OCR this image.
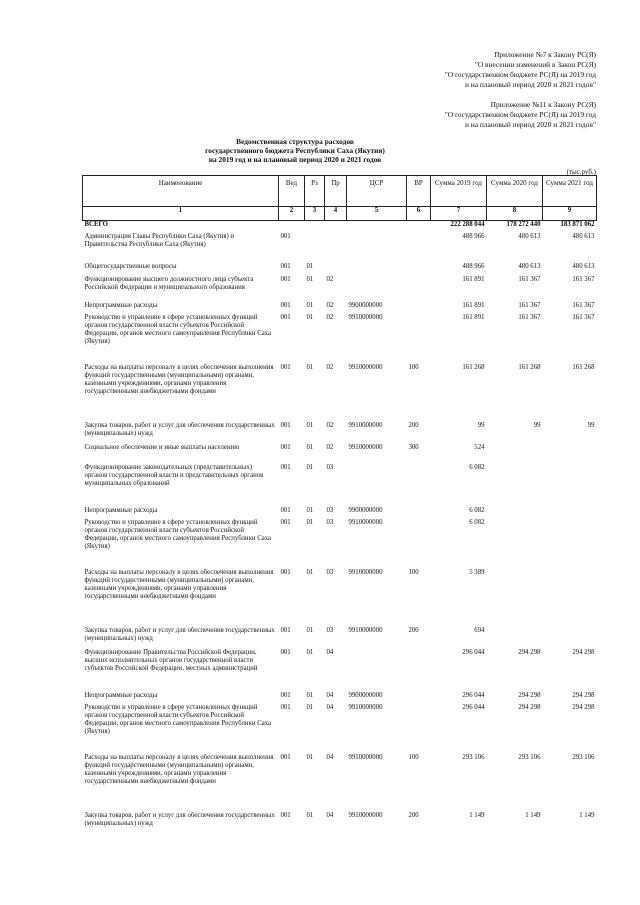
Приложение №7 к Закону РС(Я)
"О внесении изменений в Закон РС(Я)
"О государственном бюджете РС(Я) на 2019 год
и на плановый период 2020 и 2021 годов"
Приложение №11 к Закону РС(Я)
"О государственном бюджете РС(Я) на 2019 год
и на плановый период 2020 и 2021 годов"
Ведомственная структура расходов
государственного бюджета Республики Саха (Якутия)
на 2019 год и на плановый период 2020 и 2021 годов
(тыс.руб.)
Наименование	Вед	Рз	Пр	ЦСР	ВР	Сумма 2019 год	Сумма 2020 год	Сумма 2021 год
1	2	3	4	5	6	7	8	9
ВСЕГО						222 288 044	178 272 440	183 871 062
Администрация Главы Республики Саха (Якутия) и Правительства Республики Саха (Якутия)	001					488 966	480 613	480 613
Общегосударственные вопросы	001	01				488 966	480 613	480 613
Функционирование высшего должностного лица субъекта Российской Федерации и муниципального образования	001	01	02			161 891	161 367	161 367
Непрограммные расходы	001	01	02	9900000000		161 891	161 367	161 367
Руководство и управление в сфере установленных функций органов государственной власти субъектов Российской Федерации, органов местного самоуправления Республики Саха (Якутия)	001	01	02	9910000000		161 891	161 367	161 367
Расходы на выплаты персоналу в целях обеспечения выполнения функций государственными (муниципальными) органами, казенными учреждениями, органами управления государственными внебюджетными фондами	001	01	02	9910000000	100	161 268	161 268	161 268
Закупка товаров, работ и услуг для обеспечения государственных (муниципальных) нужд	001	01	02	9910000000	200	99	99	99
Социальное обеспечение и иные выплаты населению	001	01	02	9910000000	300	524		
Функционирование законодательных (представительных) органов государственной власти и представительных органов муниципальных образований	001	01	03			6 082		
Непрограммные расходы	001	01	03	9900000000		6 082		
Руководство и управление в сфере установленных функций органов государственной власти субъектов Российской Федерации, органов местного самоуправления Республики Саха (Якутия)	001	01	03	9910000000		6 082		
Расходы на выплаты персоналу в целях обеспечения выполнения функций государственными (муниципальными) органами, казенными учреждениями, органами управления государственными внебюджетными фондами	001	01	03	9910000000	100	5 389		
Закупка товаров, работ и услуг для обеспечения государственных (муниципальных) нужд	001	01	03	9910000000	200	694		
Функционирование Правительства Российской Федерации, высших исполнительных органов государственной власти субъектов Российской Федерации, местных администраций	001	01	04			296 044	294 298	294 298
Непрограммные расходы	001	01	04	9900000000		296 044	294 298	294 298
Руководство и управление в сфере установленных функций органов государственной власти субъектов Российской Федерации, органов местного самоуправления Республики Саха (Якутия)	001	01	04	9910000000		296 044	294 298	294 298
Расходы на выплаты персоналу в целях обеспечения выполнения функций государственными (муниципальными) органами, казенными учреждениями, органами управления государственными внебюджетными фондами	001	01	04	9910000000	100	293 106	293 106	293 106
Закупка товаров, работ и услуг для обеспечения государственных (муниципальных) нужд	001	01	04	9910000000	200	1 149	1 149	1 149
